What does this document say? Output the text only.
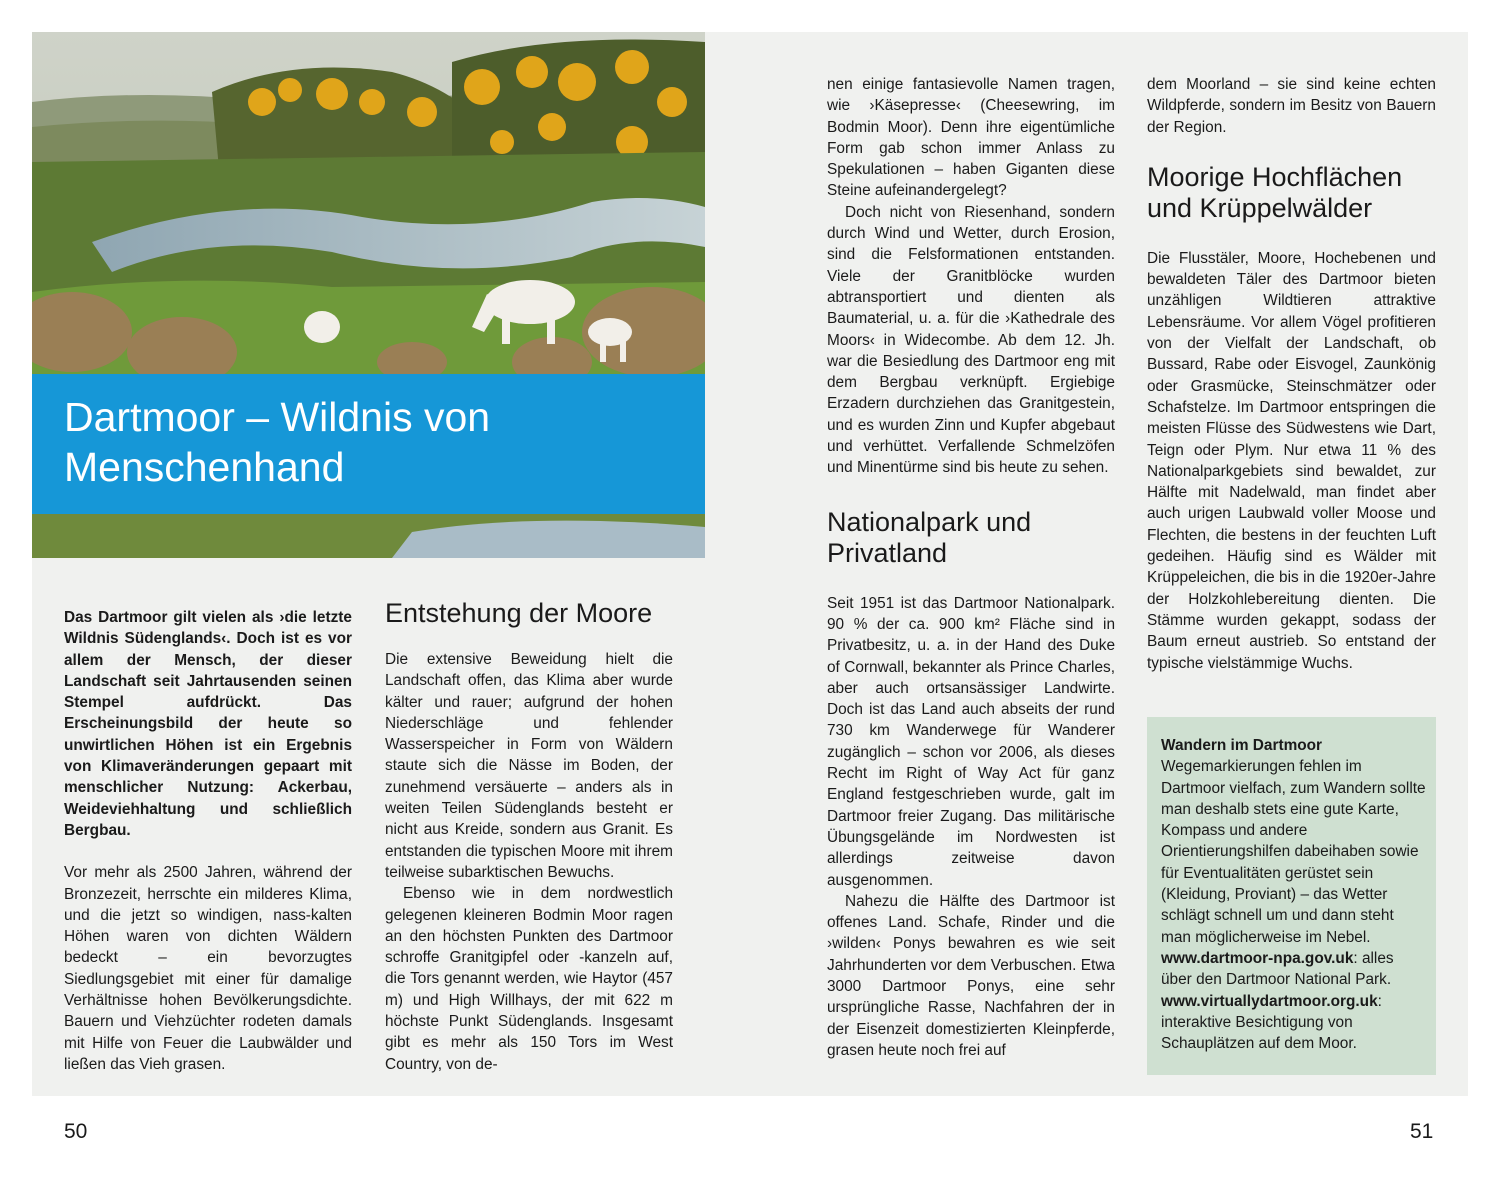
Dartmoor – Wildnis von
Menschenhand

Das Dartmoor gilt vielen als ›die letzte Wildnis Südenglands‹. Doch ist es vor allem der Mensch, der dieser Landschaft seit Jahrtausenden seinen Stempel aufdrückt. Das Erscheinungsbild der heute so unwirtlichen Höhen ist ein Ergebnis von Klimaveränderungen gepaart mit menschlicher Nutzung: Ackerbau, Weideviehhaltung und schließlich Bergbau.

Vor mehr als 2500 Jahren, während der Bronzezeit, herrschte ein milderes Klima, und die jetzt so windigen, nass-kalten Höhen waren von dichten Wäldern bedeckt – ein bevorzugtes Siedlungsgebiet mit einer für damalige Verhältnisse hohen Bevölkerungsdichte. Bauern und Viehzüchter rodeten damals mit Hilfe von Feuer die Laubwälder und ließen das Vieh grasen.

Entstehung der Moore

Die extensive Beweidung hielt die Landschaft offen, das Klima aber wurde kälter und rauer; aufgrund der hohen Niederschläge und fehlender Wasserspeicher in Form von Wäldern staute sich die Nässe im Boden, der zunehmend versäuerte – anders als in weiten Teilen Südenglands besteht er nicht aus Kreide, sondern aus Granit. Es entstanden die typischen Moore mit ihrem teilweise subarktischen Bewuchs.

Ebenso wie in dem nordwestlich gelegenen kleineren Bodmin Moor ragen an den höchsten Punkten des Dartmoor schroffe Granitgipfel oder -kanzeln auf, die Tors genannt werden, wie Haytor (457 m) und High Willhays, der mit 622 m höchste Punkt Südenglands. Insgesamt gibt es mehr als 150 Tors im West Country, von de-

nen einige fantasievolle Namen tragen, wie ›Käsepresse‹ (Cheesewring, im Bodmin Moor). Denn ihre eigentümliche Form gab schon immer Anlass zu Spekulationen – haben Giganten diese Steine aufeinandergelegt?

Doch nicht von Riesenhand, sondern durch Wind und Wetter, durch Erosion, sind die Felsformationen entstanden. Viele der Granitblöcke wurden abtransportiert und dienten als Baumaterial, u. a. für die ›Kathedrale des Moors‹ in Widecombe. Ab dem 12. Jh. war die Besiedlung des Dartmoor eng mit dem Bergbau verknüpft. Ergiebige Erzadern durchziehen das Granitgestein, und es wurden Zinn und Kupfer abgebaut und verhüttet. Verfallende Schmelzöfen und Minentürme sind bis heute zu sehen.

Nationalpark und
Privatland

Seit 1951 ist das Dartmoor Nationalpark. 90 % der ca. 900 km² Fläche sind in Privatbesitz, u. a. in der Hand des Duke of Cornwall, bekannter als Prince Charles, aber auch ortsansässiger Landwirte. Doch ist das Land auch abseits der rund 730 km Wanderwege für Wanderer zugänglich – schon vor 2006, als dieses Recht im Right of Way Act für ganz England festgeschrieben wurde, galt im Dartmoor freier Zugang. Das militärische Übungsgelände im Nordwesten ist allerdings zeitweise davon ausgenommen.

Nahezu die Hälfte des Dartmoor ist offenes Land. Schafe, Rinder und die ›wilden‹ Ponys bewahren es wie seit Jahrhunderten vor dem Verbuschen. Etwa 3000 Dartmoor Ponys, eine sehr ursprüngliche Rasse, Nachfahren der in der Eisenzeit domestizierten Kleinpferde, grasen heute noch frei auf

dem Moorland – sie sind keine echten Wildpferde, sondern im Besitz von Bauern der Region.

Moorige Hochflächen
und Krüppelwälder

Die Flusstäler, Moore, Hochebenen und bewaldeten Täler des Dartmoor bieten unzähligen Wildtieren attraktive Lebensräume. Vor allem Vögel profitieren von der Vielfalt der Landschaft, ob Bussard, Rabe oder Eisvogel, Zaunkönig oder Grasmücke, Steinschmätzer oder Schafstelze. Im Dartmoor entspringen die meisten Flüsse des Südwestens wie Dart, Teign oder Plym. Nur etwa 11 % des Nationalparkgebiets sind bewaldet, zur Hälfte mit Nadelwald, man findet aber auch urigen Laubwald voller Moose und Flechten, die bestens in der feuchten Luft gedeihen. Häufig sind es Wälder mit Krüppeleichen, die bis in die 1920er-Jahre der Holzkohlebereitung dienten. Die Stämme wurden gekappt, sodass der Baum erneut austrieb. So entstand der typische vielstämmige Wuchs.

Wandern im Dartmoor
Wegemarkierungen fehlen im Dartmoor vielfach, zum Wandern sollte man deshalb stets eine gute Karte, Kompass und andere Orientierungshilfen dabeihaben sowie für Eventualitäten gerüstet sein (Kleidung, Proviant) – das Wetter schlägt schnell um und dann steht man möglicherweise im Nebel.
www.dartmoor-npa.gov.uk: alles über den Dartmoor National Park.
www.virtuallydartmoor.org.uk: interaktive Besichtigung von Schauplätzen auf dem Moor.
50	51
